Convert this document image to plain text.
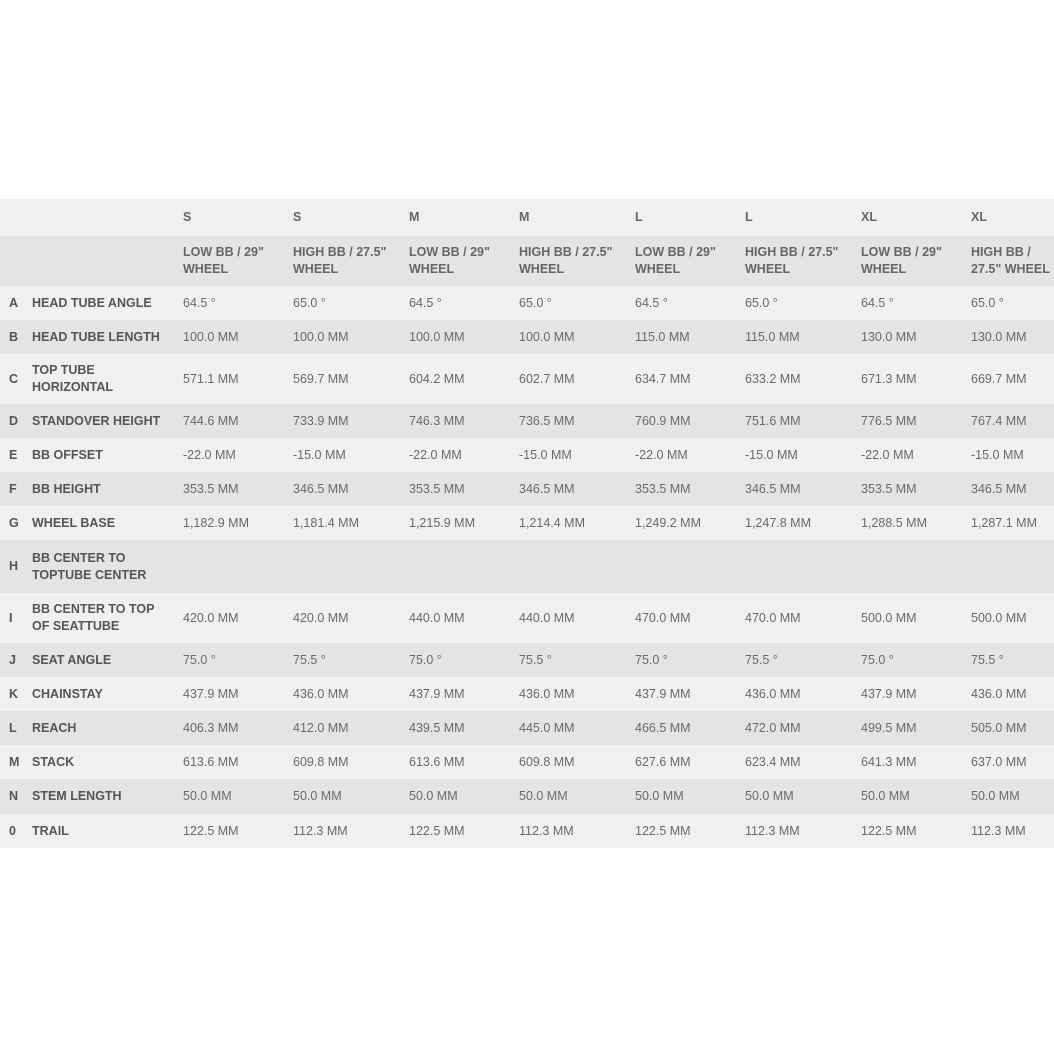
		S	S	M	M	L	L	XL	XL
		LOW BB / 29" WHEEL	HIGH BB / 27.5" WHEEL	LOW BB / 29" WHEEL	HIGH BB / 27.5" WHEEL	LOW BB / 29" WHEEL	HIGH BB / 27.5" WHEEL	LOW BB / 29" WHEEL	HIGH BB / 27.5" WHEEL
A	HEAD TUBE ANGLE	64.5 °	65.0 °	64.5 °	65.0 °	64.5 °	65.0 °	64.5 °	65.0 °
B	HEAD TUBE LENGTH	100.0 MM	100.0 MM	100.0 MM	100.0 MM	115.0 MM	115.0 MM	130.0 MM	130.0 MM
C	TOP TUBE HORIZONTAL	571.1 MM	569.7 MM	604.2 MM	602.7 MM	634.7 MM	633.2 MM	671.3 MM	669.7 MM
D	STANDOVER HEIGHT	744.6 MM	733.9 MM	746.3 MM	736.5 MM	760.9 MM	751.6 MM	776.5 MM	767.4 MM
E	BB OFFSET	-22.0 MM	-15.0 MM	-22.0 MM	-15.0 MM	-22.0 MM	-15.0 MM	-22.0 MM	-15.0 MM
F	BB HEIGHT	353.5 MM	346.5 MM	353.5 MM	346.5 MM	353.5 MM	346.5 MM	353.5 MM	346.5 MM
G	WHEEL BASE	1,182.9 MM	1,181.4 MM	1,215.9 MM	1,214.4 MM	1,249.2 MM	1,247.8 MM	1,288.5 MM	1,287.1 MM
H	BB CENTER TO TOPTUBE CENTER								
I	BB CENTER TO TOP OF SEATTUBE	420.0 MM	420.0 MM	440.0 MM	440.0 MM	470.0 MM	470.0 MM	500.0 MM	500.0 MM
J	SEAT ANGLE	75.0 °	75.5 °	75.0 °	75.5 °	75.0 °	75.5 °	75.0 °	75.5 °
K	CHAINSTAY	437.9 MM	436.0 MM	437.9 MM	436.0 MM	437.9 MM	436.0 MM	437.9 MM	436.0 MM
L	REACH	406.3 MM	412.0 MM	439.5 MM	445.0 MM	466.5 MM	472.0 MM	499.5 MM	505.0 MM
M	STACK	613.6 MM	609.8 MM	613.6 MM	609.8 MM	627.6 MM	623.4 MM	641.3 MM	637.0 MM
N	STEM LENGTH	50.0 MM	50.0 MM	50.0 MM	50.0 MM	50.0 MM	50.0 MM	50.0 MM	50.0 MM
0	TRAIL	122.5 MM	112.3 MM	122.5 MM	112.3 MM	122.5 MM	112.3 MM	122.5 MM	112.3 MM
